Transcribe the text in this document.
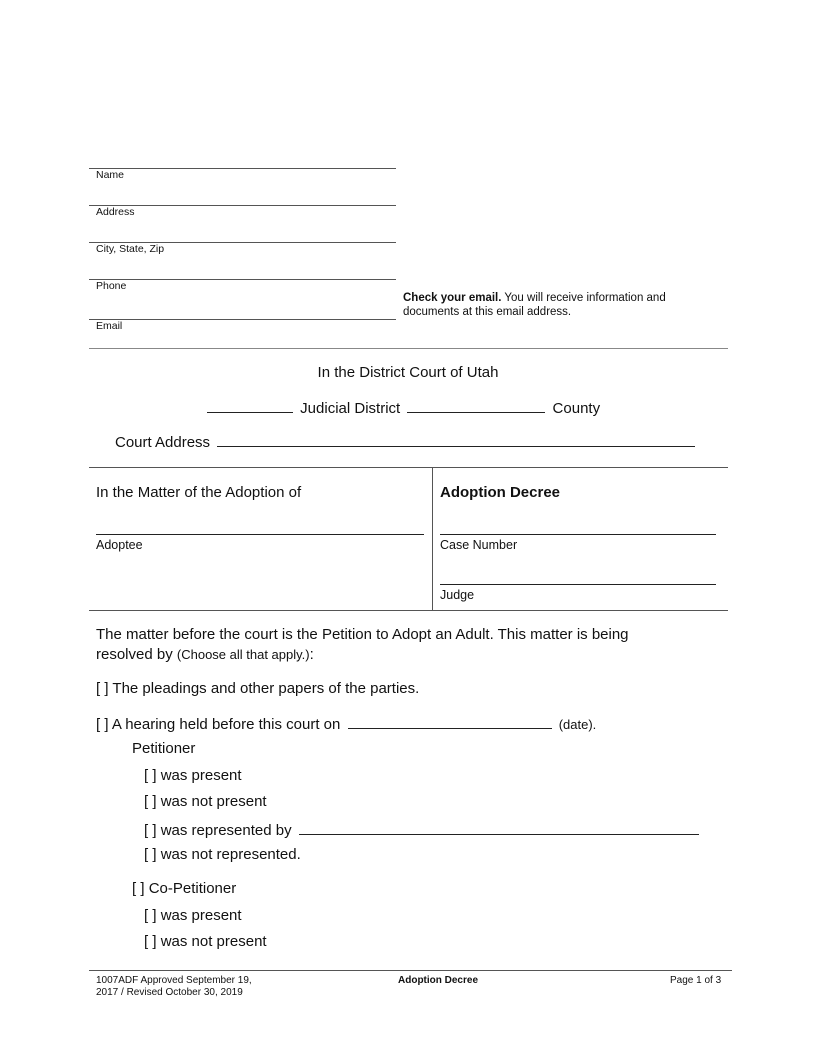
Name
Address
City, State, Zip
Phone
Email
Check your email. You will receive information and
documents at this email address.
In the District Court of Utah
Judicial District	County
Court Address
In the Matter of the Adoption of
Adoptee
Adoption Decree
Case Number
Judge
The matter before the court is the Petition to Adopt an Adult. This matter is being
resolved by (Choose all that apply.):
[ ] The pleadings and other papers of the parties.
[ ] A hearing held before this court on	(date).
Petitioner
[ ] was present
[ ] was not present
[ ] was represented by
[ ] was not represented.
[ ] Co-Petitioner
[ ] was present
[ ] was not present
1007ADF Approved September 19,
2017 / Revised October 30, 2019
Adoption Decree	Page 1 of 3
